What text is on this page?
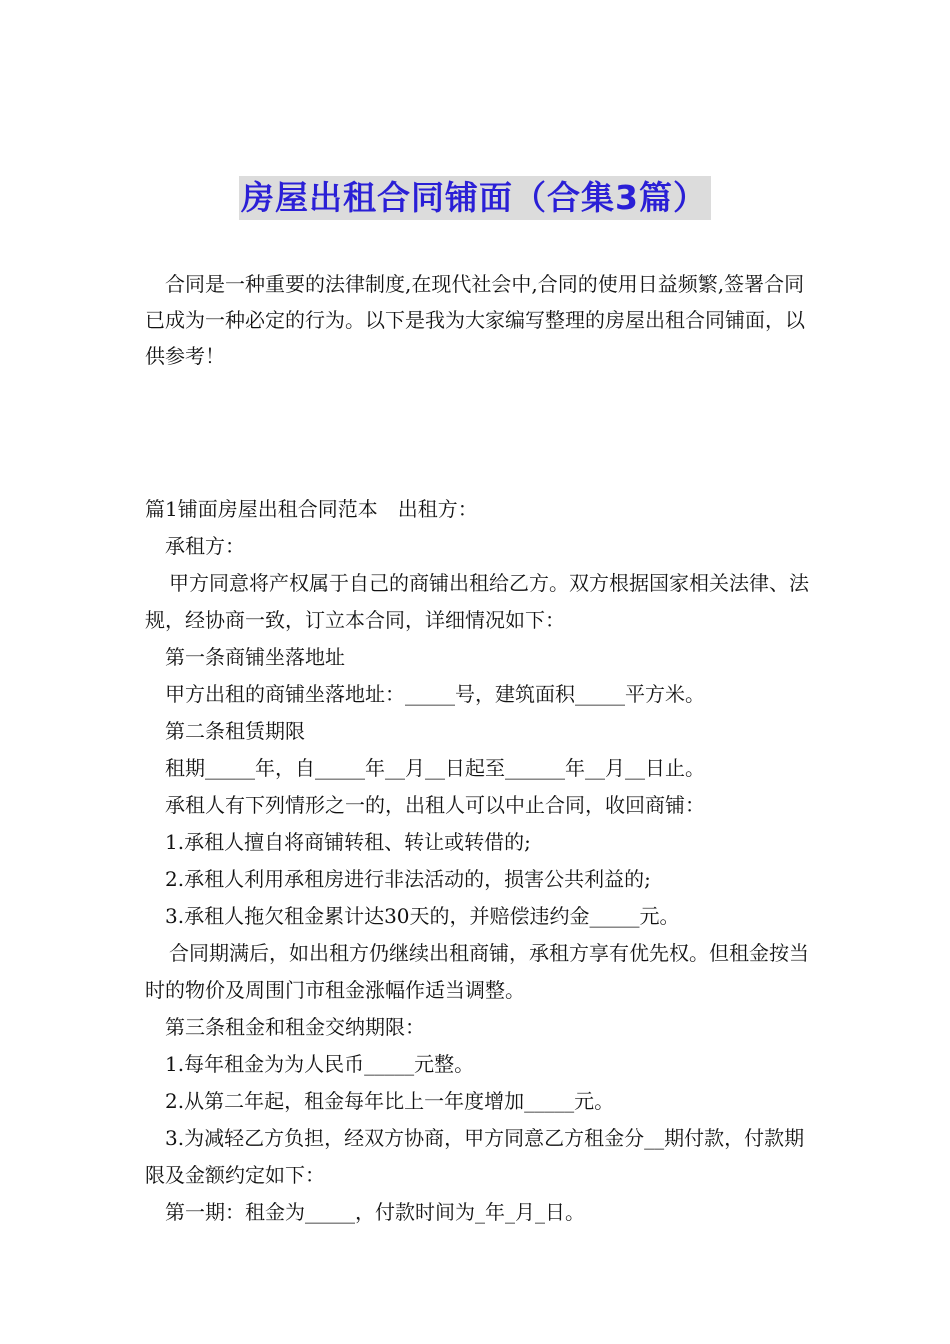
房屋出租合同铺面（合集3篇）

合同是一种重要的法律制度,在现代社会中,合同的使用日益频繁,签署合同已成为一种必定的行为。以下是我为大家编写整理的房屋出租合同铺面，以供参考！

篇1铺面房屋出租合同范本　出租方：

承租方：

甲方同意将产权属于自己的商铺出租给乙方。双方根据国家相关法律、法规，经协商一致，订立本合同，详细情况如下：

第一条商铺坐落地址

甲方出租的商铺坐落地址：_____号，建筑面积_____平方米。

第二条租赁期限

租期_____年，自_____年__月__日起至______年__月__日止。

承租人有下列情形之一的，出租人可以中止合同，收回商铺：

1.承租人擅自将商铺转租、转让或转借的;

2.承租人利用承租房进行非法活动的，损害公共利益的;

3.承租人拖欠租金累计达30天的，并赔偿违约金_____元。

合同期满后，如出租方仍继续出租商铺，承租方享有优先权。但租金按当时的物价及周围门市租金涨幅作适当调整。

第三条租金和租金交纳期限：

1.每年租金为为人民币_____元整。

2.从第二年起，租金每年比上一年度增加_____元。

3.为减轻乙方负担，经双方协商，甲方同意乙方租金分__期付款，付款期限及金额约定如下：

第一期：租金为_____，付款时间为_年_月_日。
